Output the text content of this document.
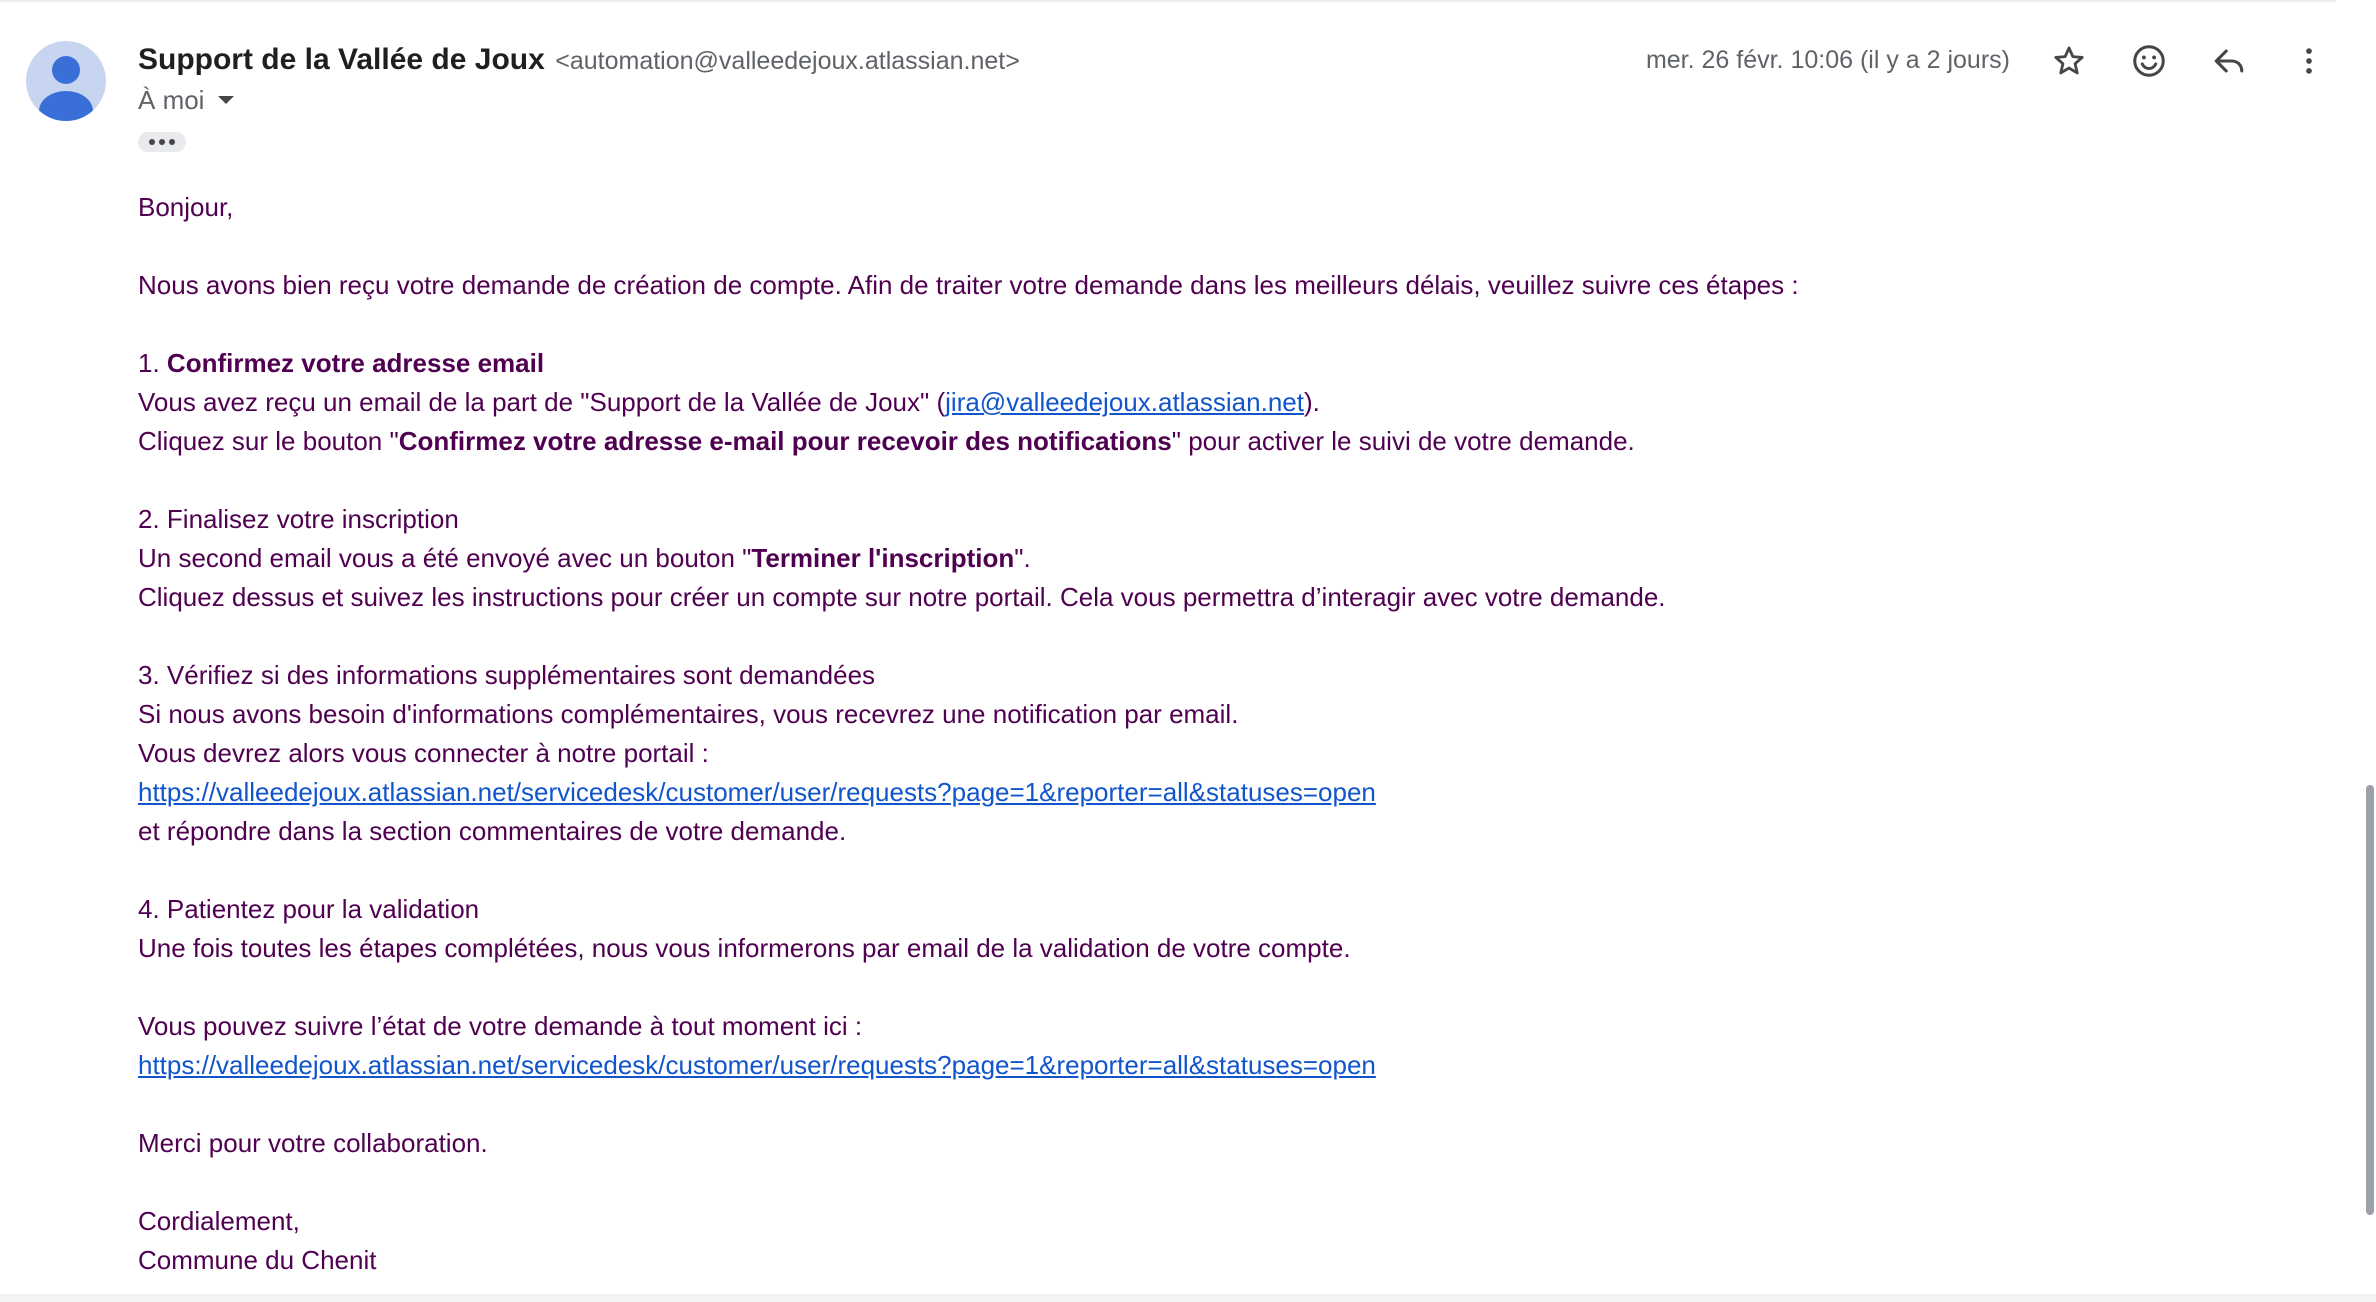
Support de la Vallée de Joux <automation@valleedejoux.atlassian.net>
À moi
mer. 26 févr. 10:06 (il y a 2 jours)

Bonjour,

Nous avons bien reçu votre demande de création de compte. Afin de traiter votre demande dans les meilleurs délais, veuillez suivre ces étapes :

1. Confirmez votre adresse email

Vous avez reçu un email de la part de "Support de la Vallée de Joux" (jira@valleedejoux.atlassian.net).

Cliquez sur le bouton "Confirmez votre adresse e-mail pour recevoir des notifications" pour activer le suivi de votre demande.

2. Finalisez votre inscription

Un second email vous a été envoyé avec un bouton "Terminer l'inscription".

Cliquez dessus et suivez les instructions pour créer un compte sur notre portail. Cela vous permettra d’interagir avec votre demande.

3. Vérifiez si des informations supplémentaires sont demandées

Si nous avons besoin d'informations complémentaires, vous recevrez une notification par email.

Vous devrez alors vous connecter à notre portail :

https://valleedejoux.atlassian.net/servicedesk/customer/user/requests?page=1&reporter=all&statuses=open

et répondre dans la section commentaires de votre demande.

4. Patientez pour la validation

Une fois toutes les étapes complétées, nous vous informerons par email de la validation de votre compte.

Vous pouvez suivre l’état de votre demande à tout moment ici :

https://valleedejoux.atlassian.net/servicedesk/customer/user/requests?page=1&reporter=all&statuses=open

Merci pour votre collaboration.

Cordialement,

Commune du Chenit
